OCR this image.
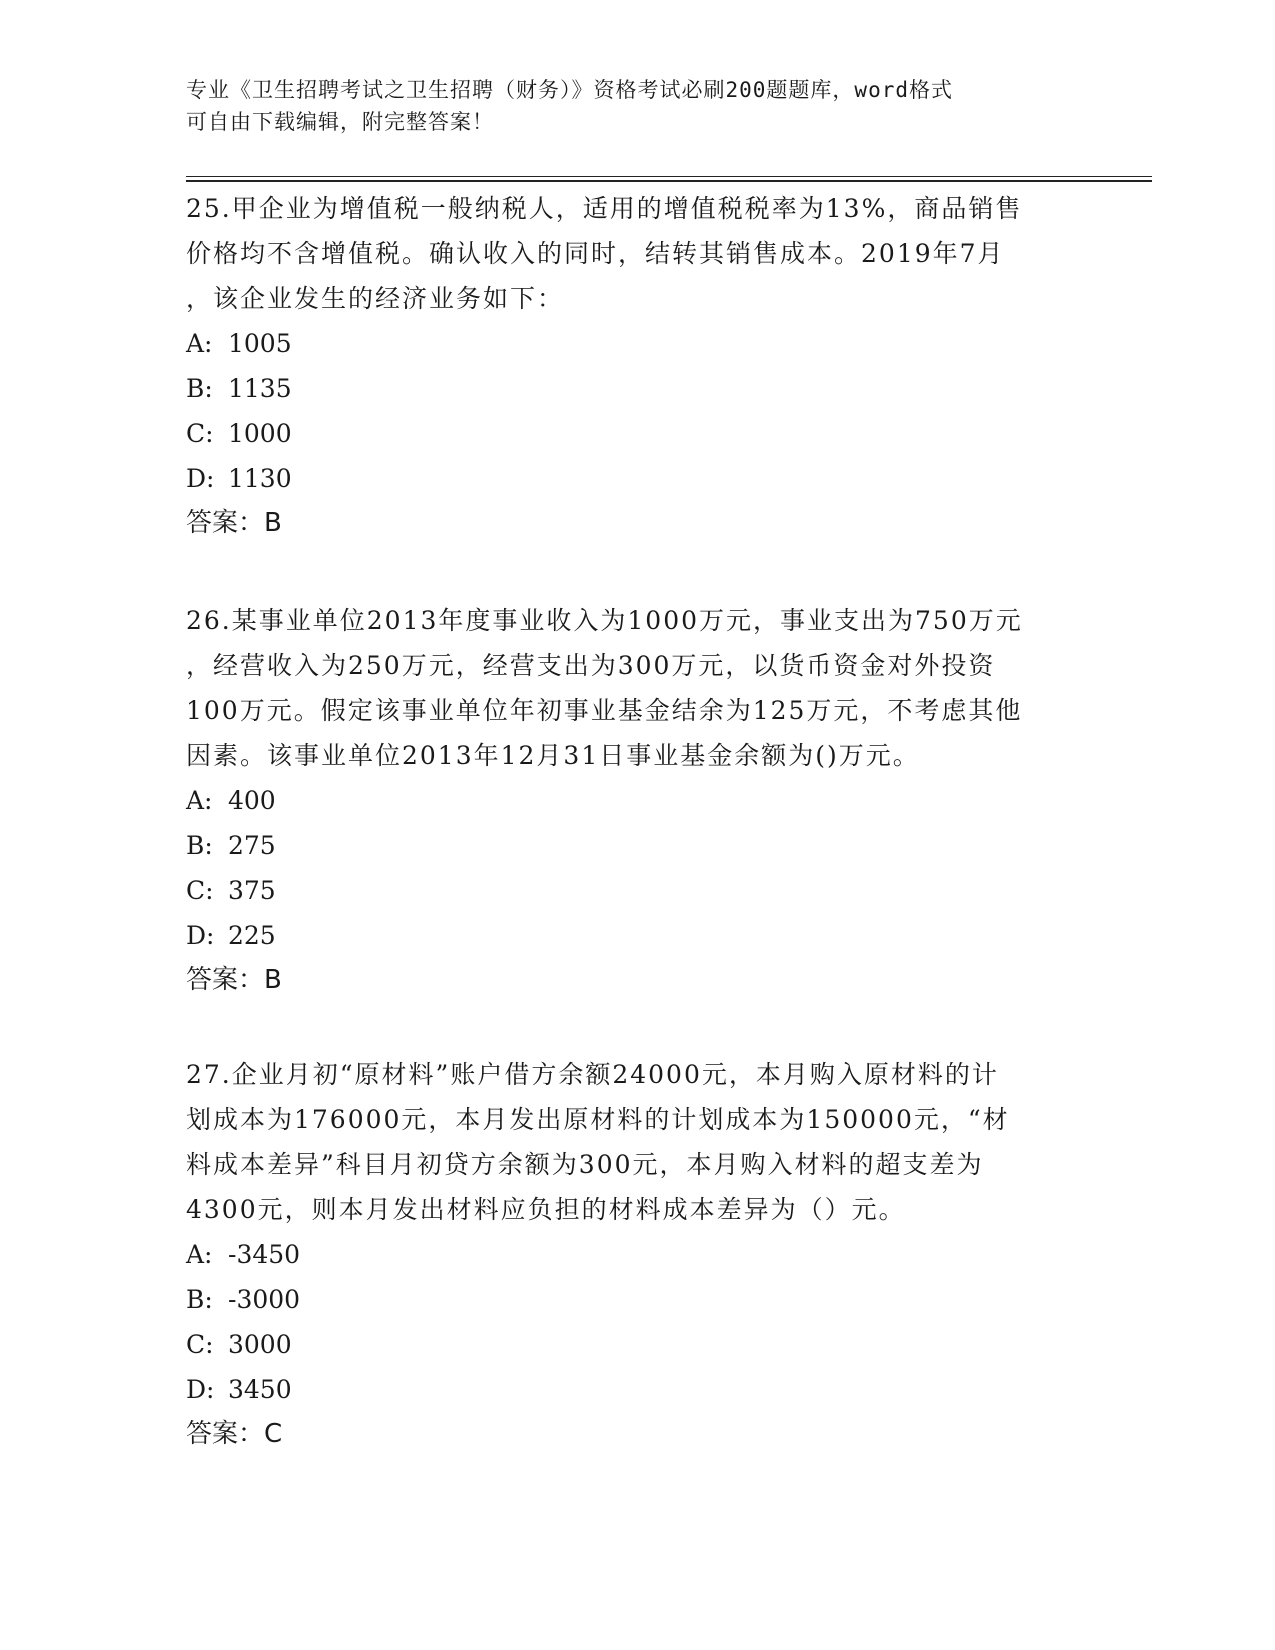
专业《卫生招聘考试之卫生招聘（财务）》资格考试必刷200题题库，word格式
可自由下载编辑，附完整答案！
25.甲企业为增值税一般纳税人，适用的增值税税率为13%，商品销售
价格均不含增值税。确认收入的同时，结转其销售成本。2019年7月
，该企业发生的经济业务如下：
A: 1005
B: 1135
C: 1000
D: 1130
答案：B
26.某事业单位2013年度事业收入为1000万元，事业支出为750万元
，经营收入为250万元，经营支出为300万元，以货币资金对外投资
100万元。假定该事业单位年初事业基金结余为125万元，不考虑其他
因素。该事业单位2013年12月31日事业基金余额为()万元。
A: 400
B: 275
C: 375
D: 225
答案：B
27.企业月初“原材料”账户借方余额24000元，本月购入原材料的计
划成本为176000元，本月发出原材料的计划成本为150000元，“材
料成本差异”科目月初贷方余额为300元，本月购入材料的超支差为
4300元，则本月发出材料应负担的材料成本差异为（）元。
A: -3450
B: -3000
C: 3000
D: 3450
答案：C
